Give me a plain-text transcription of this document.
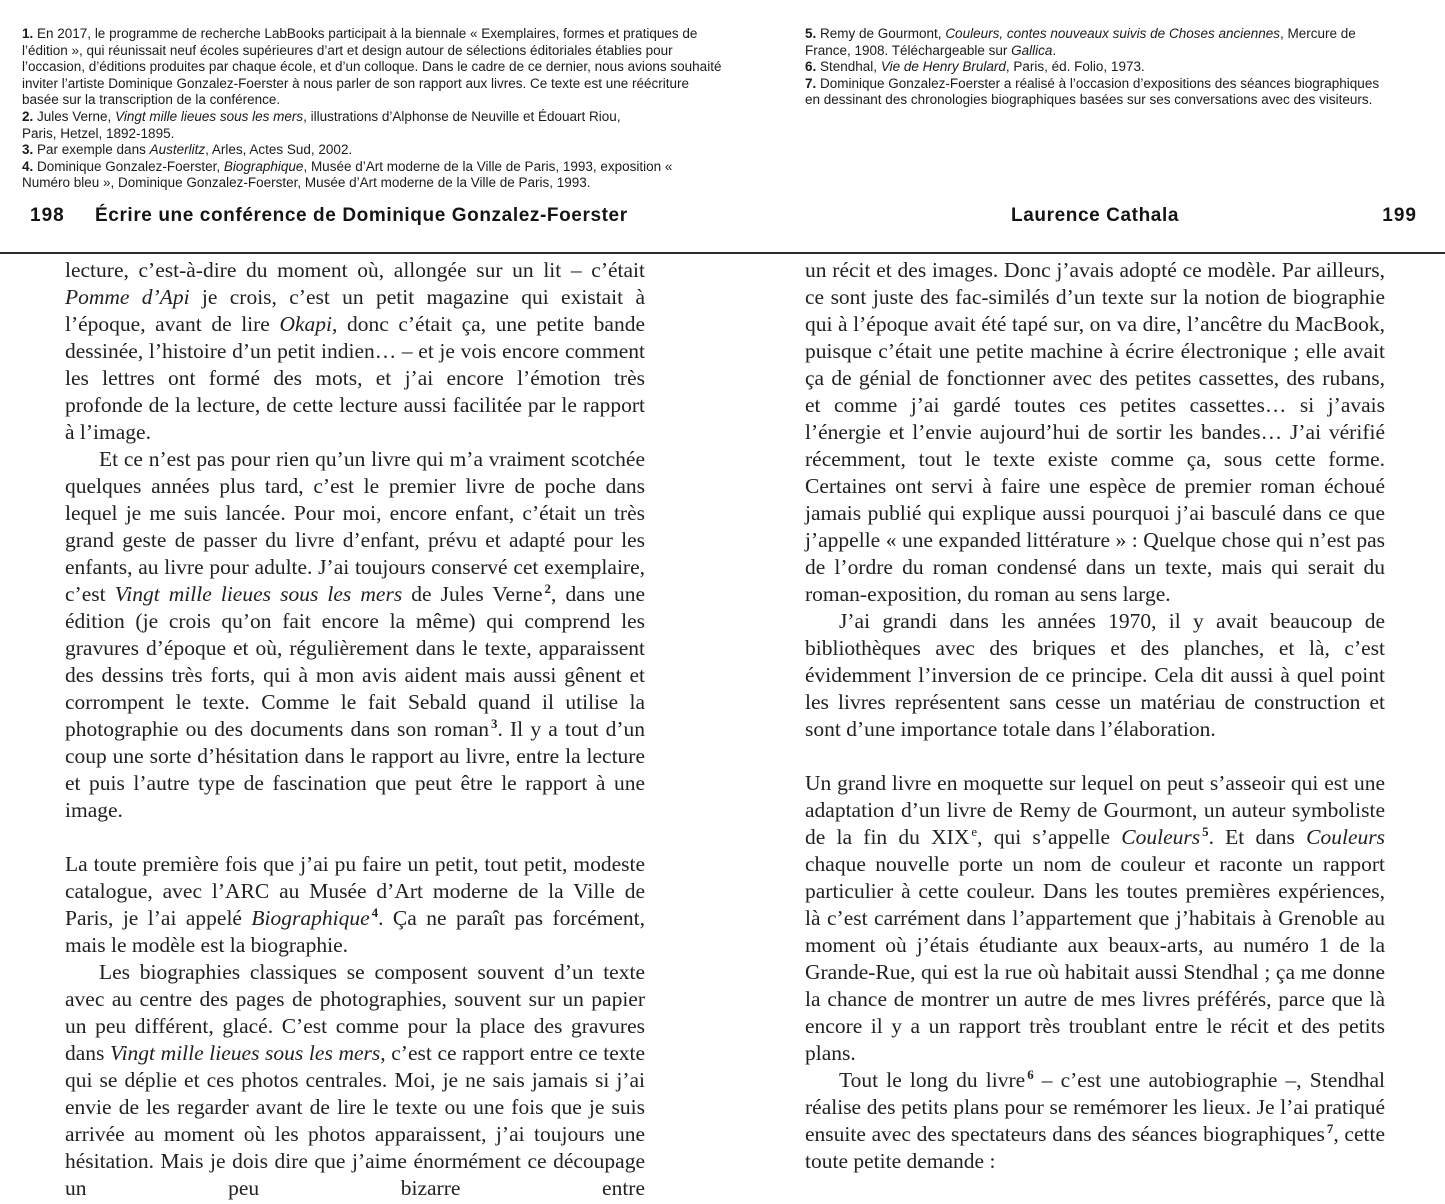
1. En 2017, le programme de recherche LabBooks participait à la biennale « Exemplaires, formes et pratiques de l’édition », qui réunissait neuf écoles supérieures d’art et design autour de sélections éditoriales établies pour l’occasion, d’éditions produites par chaque école, et d’un colloque. Dans le cadre de ce dernier, nous avions souhaité inviter l’artiste Dominique Gonzalez-Foerster à nous parler de son rapport aux livres. Ce texte est une réécriture basée sur la transcription de la conférence.
2. Jules Verne, Vingt mille lieues sous les mers, illustrations d’Alphonse de Neuville et Édouart Riou,
Paris, Hetzel, 1892-1895.
3. Par exemple dans Austerlitz, Arles, Actes Sud, 2002.
4. Dominique Gonzalez-Foerster, Biographique, Musée d’Art moderne de la Ville de Paris, 1993, exposition « Numéro bleu », Dominique Gonzalez-Foerster, Musée d’Art moderne de la Ville de Paris, 1993.
5. Remy de Gourmont, Couleurs, contes nouveaux suivis de Choses anciennes, Mercure de France, 1908. Téléchargeable sur Gallica.
6. Stendhal, Vie de Henry Brulard, Paris, éd. Folio, 1973.
7. Dominique Gonzalez-Foerster a réalisé à l’occasion d’expositions des séances biographiques en dessinant des chronologies biographiques basées sur ses conversations avec des visiteurs.
198 Écrire une conférence de Dominique Gonzalez-Foerster	Laurence Cathala	199

lecture, c’est-à-dire du moment où, allongée sur un lit – c’était Pomme d’Api je crois, c’est un petit magazine qui existait à l’époque, avant de lire Okapi, donc c’était ça, une petite bande dessinée, l’histoire d’un petit indien… – et je vois encore comment les lettres ont formé des mots, et j’ai encore l’émotion très profonde de la lecture, de cette lecture aussi facilitée par le rapport à l’image.

Et ce n’est pas pour rien qu’un livre qui m’a vraiment scotchée quelques années plus tard, c’est le premier livre de poche dans lequel je me suis lancée. Pour moi, encore enfant, c’était un très grand geste de passer du livre d’enfant, prévu et adapté pour les enfants, au livre pour adulte. J’ai toujours conservé cet exemplaire, c’est Vingt mille lieues sous les mers de Jules Verne $^2$, dans une édition (je crois qu’on fait encore la même) qui comprend les gravures d’époque et où, régulièrement dans le texte, apparaissent des dessins très forts, qui à mon avis aident mais aussi gênent et corrompent le texte. Comme le fait Sebald quand il utilise la photographie ou des documents dans son roman $^3$. Il y a tout d’un coup une sorte d’hésitation dans le rapport au livre, entre la lecture et puis l’autre type de fascination que peut être le rapport à une image.

La toute première fois que j’ai pu faire un petit, tout petit, modeste catalogue, avec l’ARC au Musée d’Art moderne de la Ville de Paris, je l’ai appelé Biographique $^4$. Ça ne paraît pas forcément, mais le modèle est la biographie.

Les biographies classiques se composent souvent d’un texte avec au centre des pages de photographies, souvent sur un papier un peu différent, glacé. C’est comme pour la place des gravures dans Vingt mille lieues sous les mers, c’est ce rapport entre ce texte qui se déplie et ces photos centrales. Moi, je ne sais jamais si j’ai envie de les regarder avant de lire le texte ou une fois que je suis arrivée au moment où les photos apparaissent, j’ai toujours une hésitation. Mais je dois dire que j’aime énormément ce découpage un peu bizarre entre

un récit et des images. Donc j’avais adopté ce modèle. Par ailleurs, ce sont juste des fac-similés d’un texte sur la notion de biographie qui à l’époque avait été tapé sur, on va dire, l’ancêtre du MacBook, puisque c’était une petite machine à écrire électronique ; elle avait ça de génial de fonctionner avec des petites cassettes, des rubans, et comme j’ai gardé toutes ces petites cassettes… si j’avais l’énergie et l’envie aujourd’hui de sortir les bandes… J’ai vérifié récemment, tout le texte existe comme ça, sous cette forme. Certaines ont servi à faire une espèce de premier roman échoué jamais publié qui explique aussi pourquoi j’ai basculé dans ce que j’appelle « une expanded littérature » : Quelque chose qui n’est pas de l’ordre du roman condensé dans un texte, mais qui serait du roman-exposition, du roman au sens large.

J’ai grandi dans les années 1970, il y avait beaucoup de bibliothèques avec des briques et des planches, et là, c’est évidemment l’inversion de ce principe. Cela dit aussi à quel point les livres représentent sans cesse un matériau de construction et sont d’une importance totale dans l’élaboration.

Un grand livre en moquette sur lequel on peut s’asseoir qui est une adaptation d’un livre de Remy de Gourmont, un auteur symboliste de la fin du XIX $^e$, qui s’appelle Couleurs $^5$. Et dans Couleurs chaque nouvelle porte un nom de couleur et raconte un rapport particulier à cette couleur. Dans les toutes premières expériences, là c’est carrément dans l’appartement que j’habitais à Grenoble au moment où j’étais étudiante aux beaux-arts, au numéro 1 de la Grande-Rue, qui est la rue où habitait aussi Stendhal ; ça me donne la chance de montrer un autre de mes livres préférés, parce que là encore il y a un rapport très troublant entre le récit et des petits plans.

Tout le long du livre $^6$ – c’est une autobiographie –, Stendhal réalise des petits plans pour se remémorer les lieux. Je l’ai pratiqué ensuite avec des spectateurs dans des séances biographiques $^7$, cette toute petite demande :
